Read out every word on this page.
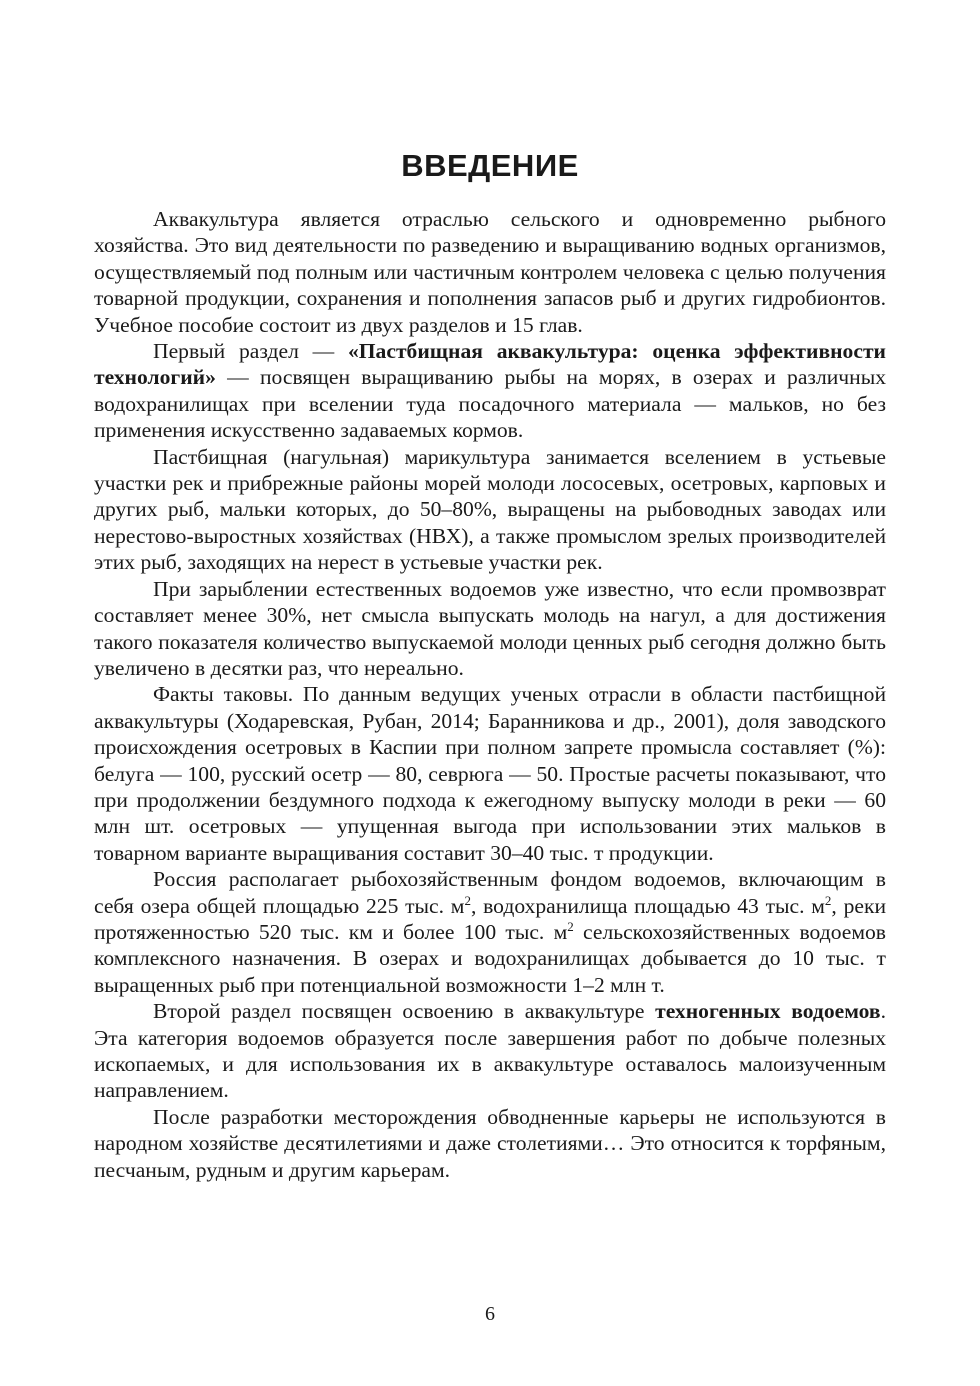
ВВЕДЕНИЕ

Аквакультура является отраслью сельского и одновременно рыбного хозяйства. Это вид деятельности по разведению и выращиванию водных организмов, осуществляемый под полным или частичным контролем человека с целью получения товарной продукции, сохранения и пополнения запасов рыб и других гидробионтов. Учебное пособие состоит из двух разделов и 15 глав.

Первый раздел — «Пастбищная аквакультура: оценка эффективности технологий» — посвящен выращиванию рыбы на морях, в озерах и различных водохранилищах при вселении туда посадочного материала — мальков, но без применения искусственно задаваемых кормов.

Пастбищная (нагульная) марикультура занимается вселением в устьевые участки рек и прибрежные районы морей молоди лососевых, осетровых, карповых и других рыб, мальки которых, до 50–80%, выращены на рыбоводных заводах или нерестово-выростных хозяйствах (НВХ), а также промыслом зрелых производителей этих рыб, заходящих на нерест в устьевые участки рек.

При зарыблении естественных водоемов уже известно, что если промвозврат составляет менее 30%, нет смысла выпускать молодь на нагул, а для достижения такого показателя количество выпускаемой молоди ценных рыб сегодня должно быть увеличено в десятки раз, что нереально.

Факты таковы. По данным ведущих ученых отрасли в области пастбищной аквакультуры (Ходаревская, Рубан, 2014; Баранникова и др., 2001), доля заводского происхождения осетровых в Каспии при полном запрете промысла составляет (%): белуга — 100, русский осетр — 80, севрюга — 50. Простые расчеты показывают, что при продолжении бездумного подхода к ежегодному выпуску молоди в реки — 60 млн шт. осетровых — упущенная выгода при использовании этих мальков в товарном варианте выращивания составит 30–40 тыс. т продукции.

Россия располагает рыбохозяйственным фондом водоемов, включающим в себя озера общей площадью 225 тыс. $м^2$, водохранилища площадью 43 тыс. $м^2$, реки протяженностью 520 тыс. км и более 100 тыс. $м^2$ сельскохозяйственных водоемов комплексного назначения. В озерах и водохранилищах добывается до 10 тыс. т выращенных рыб при потенциальной возможности 1–2 млн т.

Второй раздел посвящен освоению в аквакультуре техногенных водоемов. Эта категория водоемов образуется после завершения работ по добыче полезных ископаемых, и для использования их в аквакультуре оставалось малоизученным направлением.

После разработки месторождения обводненные карьеры не используются в народном хозяйстве десятилетиями и даже столетиями… Это относится к торфяным, песчаным, рудным и другим карьерам.

6
